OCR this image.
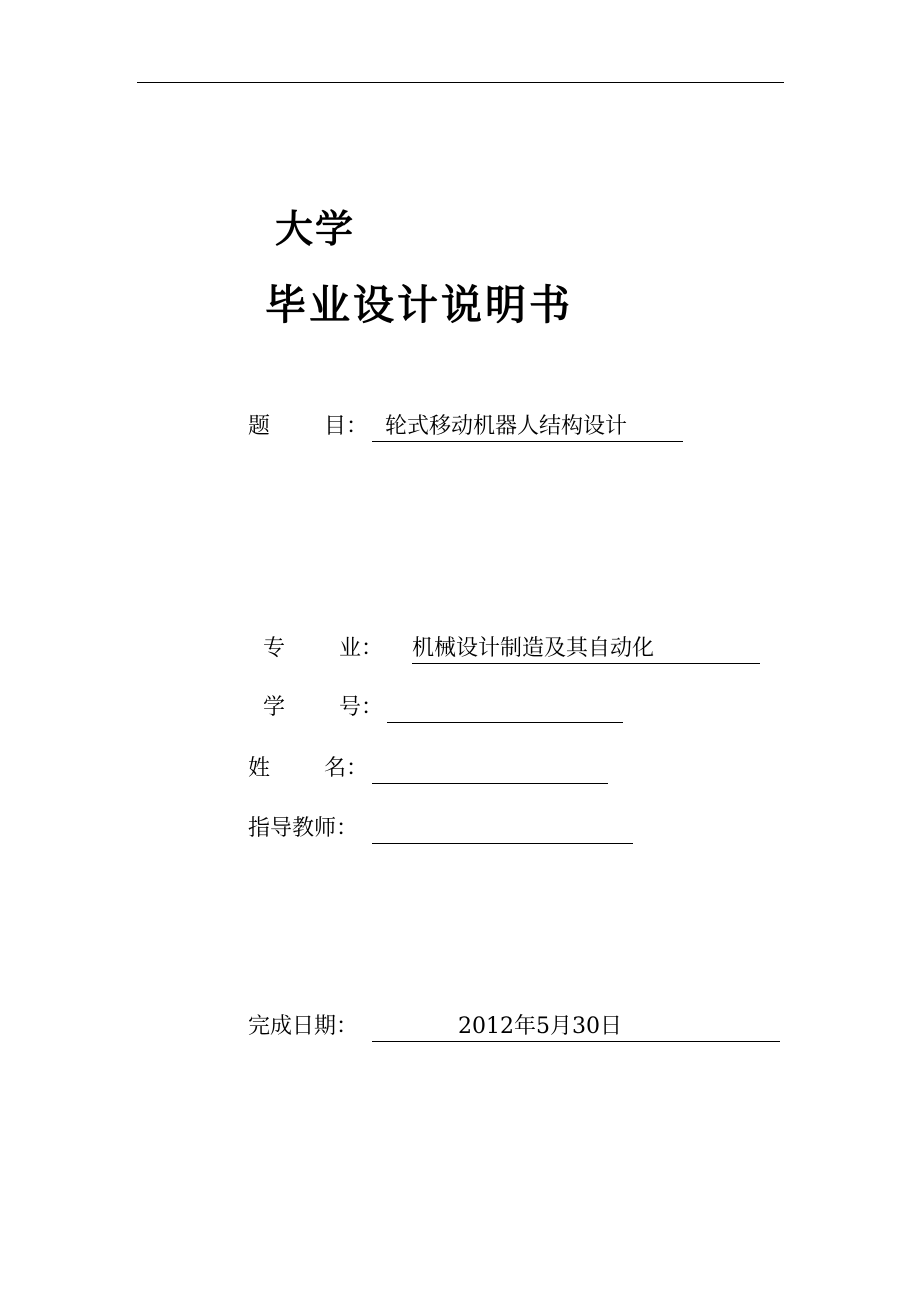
大学
毕业设计说明书
题 目： 轮式移动机器人结构设计
专 业： 机械设计制造及其自动化
学 号：
姓 名：
指导教师：
完成日期：	2012年5月30日
